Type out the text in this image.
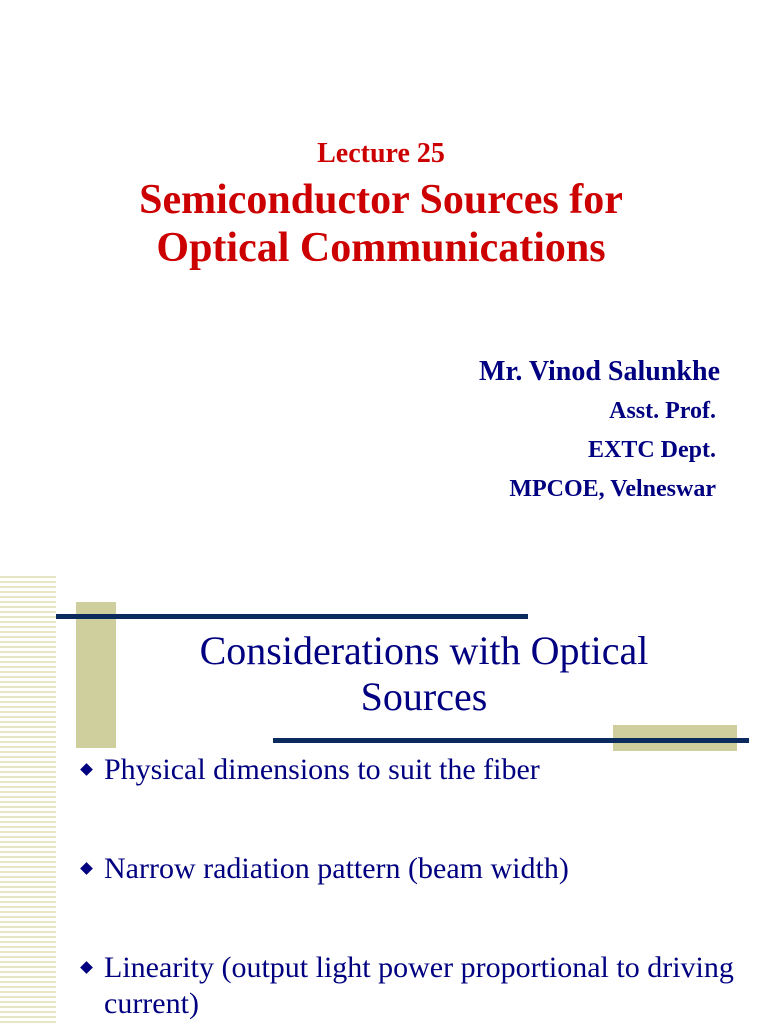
Lecture 25
Semiconductor Sources for
Optical Communications
Mr. Vinod Salunkhe
Asst. Prof.
EXTC Dept.
MPCOE, Velneswar
Considerations with Optical
Sources
Physical dimensions to suit the fiber
Narrow radiation pattern (beam width)
Linearity (output light power proportional to driving current)
